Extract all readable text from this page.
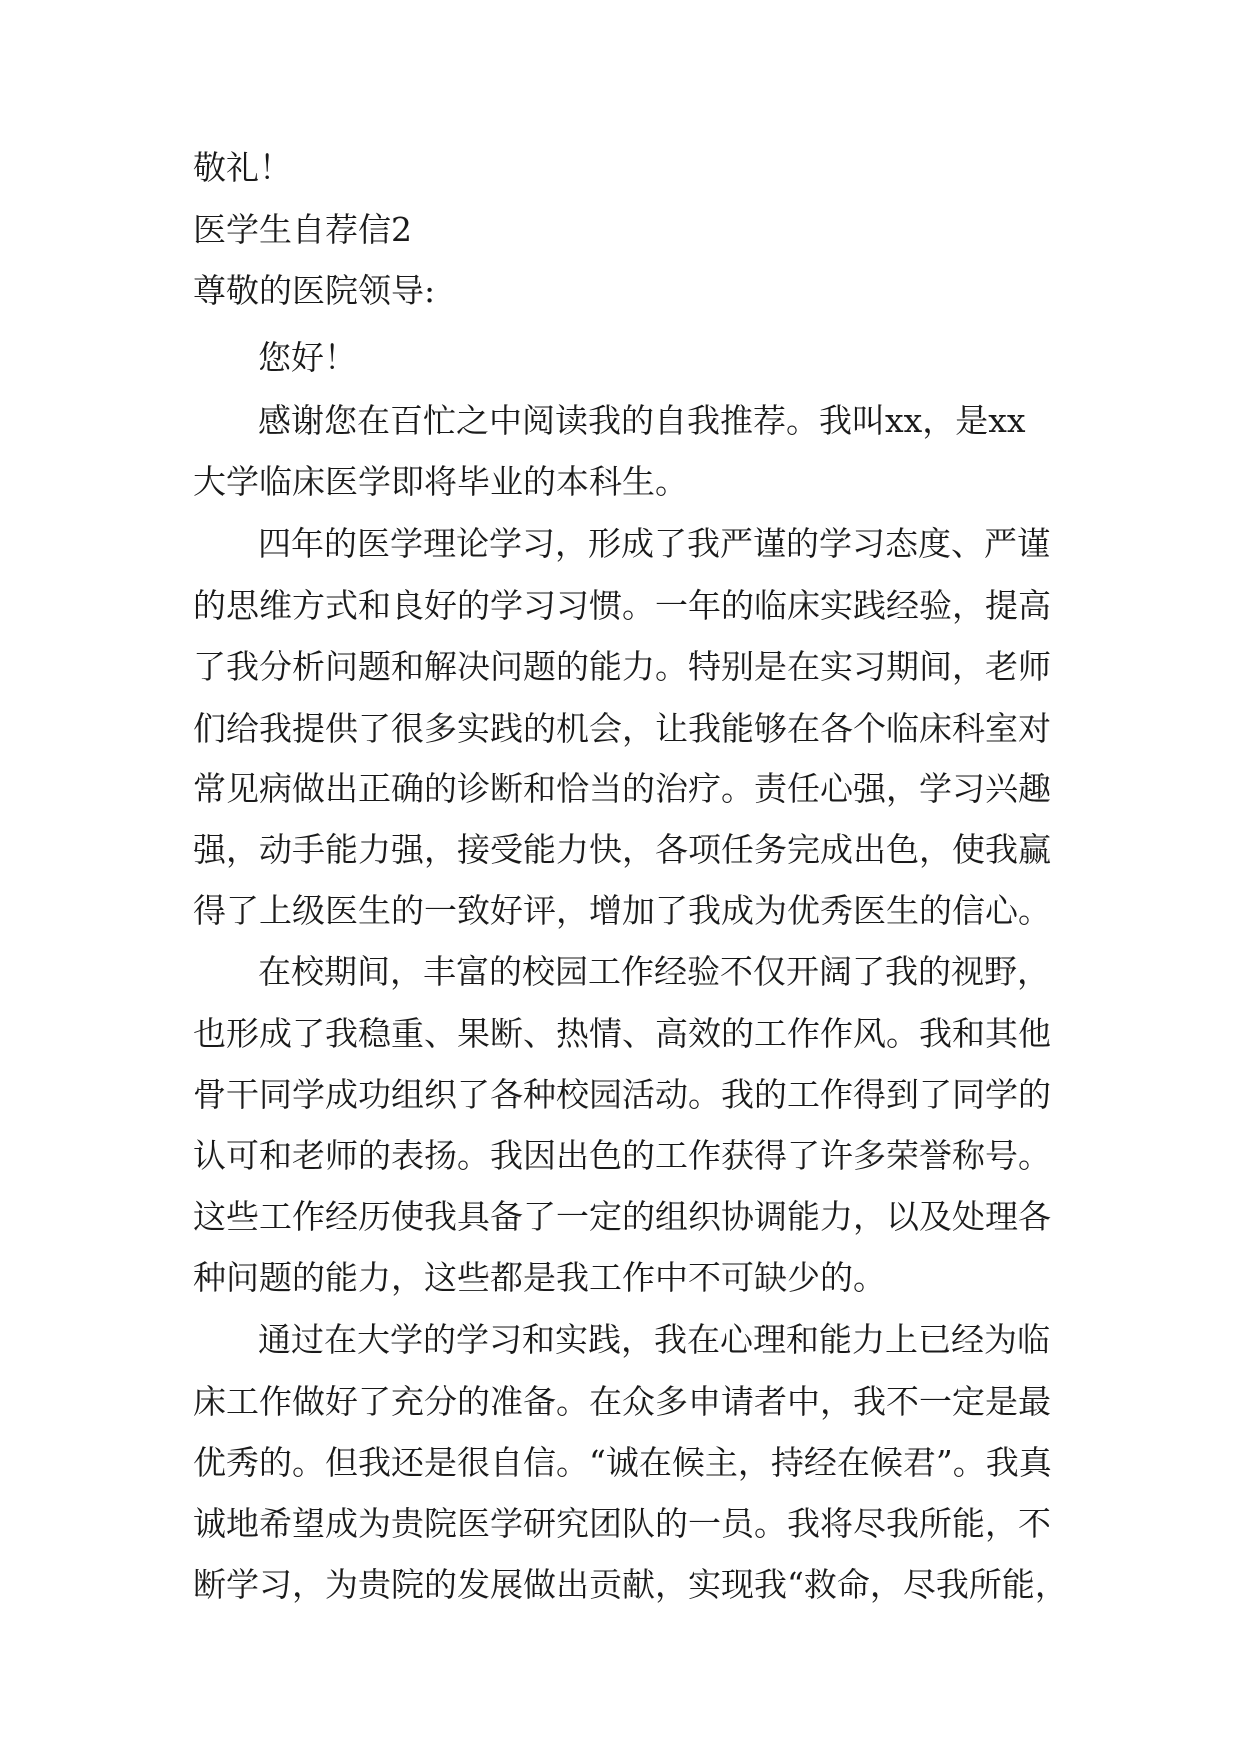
敬礼！
医学生自荐信2
尊敬的医院领导:
您好！
感谢您在百忙之中阅读我的自我推荐。我叫xx，是xx
大学临床医学即将毕业的本科生。
四年的医学理论学习，形成了我严谨的学习态度、严谨
的思维方式和良好的学习习惯。一年的临床实践经验，提高
了我分析问题和解决问题的能力。特别是在实习期间，老师
们给我提供了很多实践的机会，让我能够在各个临床科室对
常见病做出正确的诊断和恰当的治疗。责任心强，学习兴趣
强，动手能力强，接受能力快，各项任务完成出色，使我赢
得了上级医生的一致好评，增加了我成为优秀医生的信心。
在校期间，丰富的校园工作经验不仅开阔了我的视野，
也形成了我稳重、果断、热情、高效的工作作风。我和其他
骨干同学成功组织了各种校园活动。我的工作得到了同学的
认可和老师的表扬。我因出色的工作获得了许多荣誉称号。
这些工作经历使我具备了一定的组织协调能力，以及处理各
种问题的能力，这些都是我工作中不可缺少的。
通过在大学的学习和实践，我在心理和能力上已经为临
床工作做好了充分的准备。在众多申请者中，我不一定是最
优秀的。但我还是很自信。“诚在候主，持经在候君”。我真
诚地希望成为贵院医学研究团队的一员。我将尽我所能，不
断学习，为贵院的发展做出贡献，实现我“救命，尽我所能，
